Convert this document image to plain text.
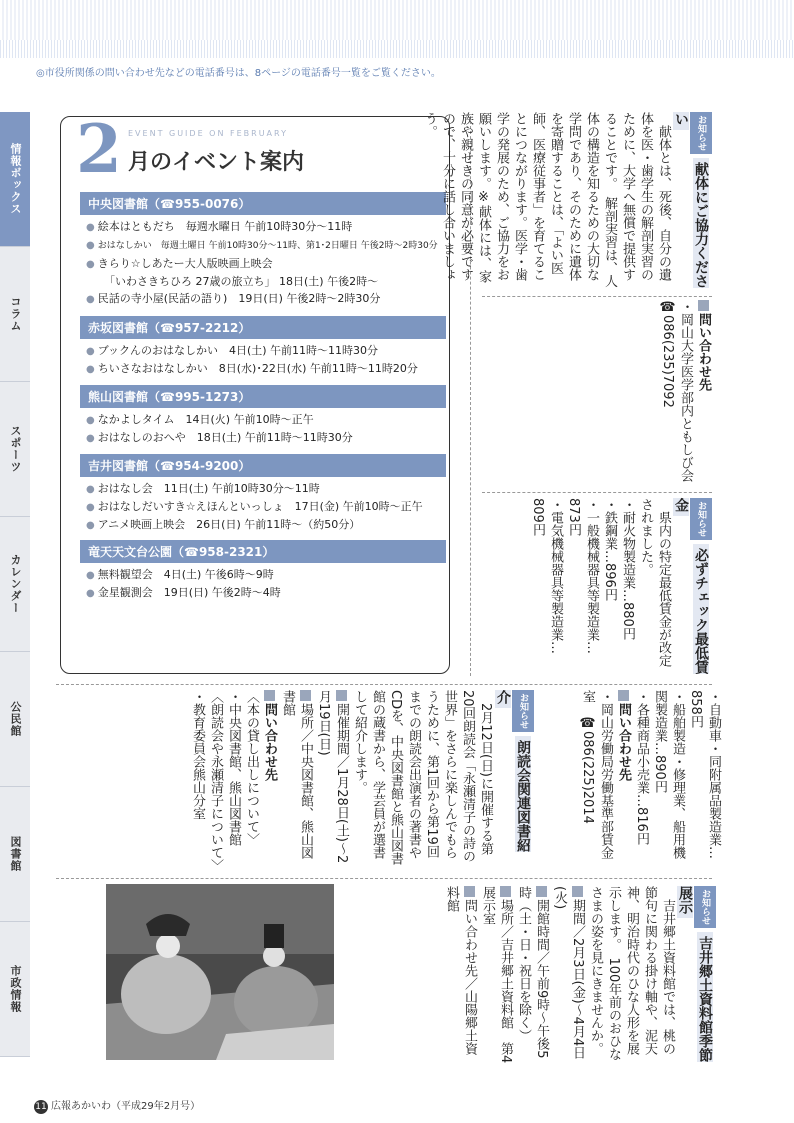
◎市役所関係の問い合わせ先などの電話番号は、8ページの電話番号一覧をご覧ください。
情報ボックス
コラム
スポーツ
カレンダー
公民館
図書館
市政情報
2 EVENT GUIDE ON FEBRUARY
月のイベント案内
中央図書館（☎955-0076）
● 絵本はともだち　毎週水曜日 午前10時30分～11時
● おはなしかい　毎週土曜日 午前10時30分～11時、第1･2日曜日 午後2時～2時30分
● きらり☆しあたー大人版映画上映会
「いわさきちひろ 27歳の旅立ち」 18日(土) 午後2時～
● 民話の寺小屋(民話の語り)　19日(日) 午後2時～2時30分
赤坂図書館（☎957-2212）
● ブックんのおはなしかい　4日(土) 午前11時～11時30分
● ちいさなおはなしかい　8日(水)･22日(水) 午前11時～11時20分
熊山図書館（☎995-1273）
● なかよしタイム　14日(火) 午前10時～正午
● おはなしのおへや　18日(土) 午前11時～11時30分
吉井図書館（☎954-9200）
● おはなし会　11日(土) 午前10時30分～11時
● おはなしだいすき☆えほんといっしょ　17日(金) 午前10時～正午
● アニメ映画上映会　26日(日) 午前11時～（約50分）
竜天天文台公園（☎958-2321）
● 無料観望会　4日(土) 午後6時～9時
● 金星観測会　19日(日) 午後2時～4時

お知らせ献体にご協力ください

　献体とは、死後、自分の遺体を医・歯学生の解剖実習のために、大学へ無償で提供することです。　解剖実習は、人体の構造を知るための大切な学問であり、そのために遺体を寄贈することは、「よい医師、医療従事者」を育てることにつながります。医学・歯学の発展のため、ご協力をお願いします。※献体には、家族や親せきの同意が必要ですので、十分に話し合いましょう。

問い合わせ先

・岡山大学医学部内ともしび会　☎086(235)7092

お知らせ必ずチェック最低賃金

　県内の特定最低賃金が改定されました。

・耐火物製造業…880円

・鉄鋼業…896円

・一般機械器具等製造業…873円

・電気機械器具等製造業…809円

・自動車・同附属品製造業…858円

・船舶製造・修理業、船用機関製造業…890円

・各種商品小売業…816円

問い合わせ先

・岡山労働局労働基準部賃金室　☎086(225)2014

お知らせ朗読会関連図書紹介

　2月12日(日)に開催する第20回朗読会「永瀬清子の詩の世界」をさらに楽しんでもらうために、第1回から第19回までの朗読会出演者の著書やCDを、中央図書館と熊山図書館の蔵書から、学芸員が選書して紹介します。

開催期間／1月28日(土)～2月19日(日)

場所／中央図書館、熊山図書館

問い合わせ先

〈本の貸し出しについて〉

・中央図書館、熊山図書館

〈朗読会や永瀬清子について〉

・教育委員会熊山分室

お知らせ吉井郷土資料館季節展示

　吉井郷土資料館では、桃の節句に関わる掛け軸や、泥天神、明治時代のひな人形を展示します。　100年前のおひなさまの姿を見にきませんか。

期間／2月3日(金)～4月4日(火)

開館時間／午前9時～午後5時（土・日・祝日を除く）

場所／吉井郷土資料館　第4展示室

問い合わせ先／山陽郷土資料館

11 広報あかいわ（平成29年2月号）
